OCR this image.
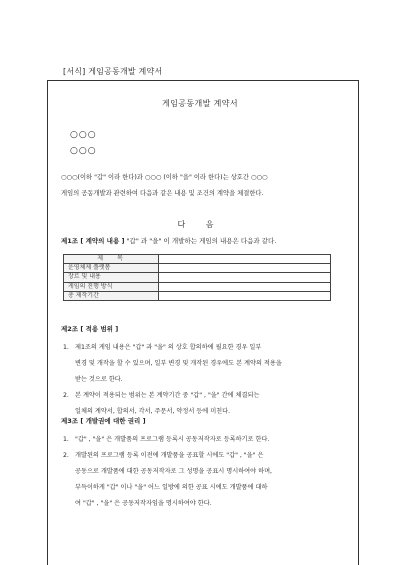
[서식] 게임공동개발 계약서
게임공동개발 계약서
○○○
○○○
○○○(이하 "갑" 이라 한다)과 ○○○ (이하 "을" 이라 한다)는 상호간 ○○○
게임의 공동개발과 관련하여 다음과 같은 내용 및 조건의 계약을 체결한다.
다 음
제1조 [ 계약의 내용 ] "갑" 과 "을" 이 개발하는 게임의 내용은 다음과 같다.
제 목	
운영체제 플랫폼	
장르 및 내용	
게임의 진행 방식	
총 제작기간	
제2조 [ 적용 범위 ]
1. 제1조의 게임 내용은 "갑" 과 "을" 의 상호 합의하에 필요한 경우 일부
변경 및 개작을 할 수 있으며, 일부 변경 및 개작된 경우에도 본 계약의 적용을
받는 것으로 한다.
2. 본 계약이 적용되는 범위는 본 계약기간 중 "갑" , "을" 간에 체결되는
일체의 계약서, 합의서, 각서, 주문서, 약정서 등에 미친다.
제3조 [ 개발권에 대한 권리 ]
1. "갑" , "을" 은 개발품의 프로그램 등록시 공동저작자로 등록하기로 한다.
2. 개발된의 프로그램 등록 이전에 개발품을 공표할 시에도 "갑" , "을" 은
공동으로 개발품에 대한 공동저작자로 그 성명을 공표시 명시하여야 하며,
부득이하게 "갑" 이나 "을" 어느 일방에 의한 공표 시에도 개발품에 대하
여 "갑" , "을" 은 공동저작자임을 명시하여야 한다.
